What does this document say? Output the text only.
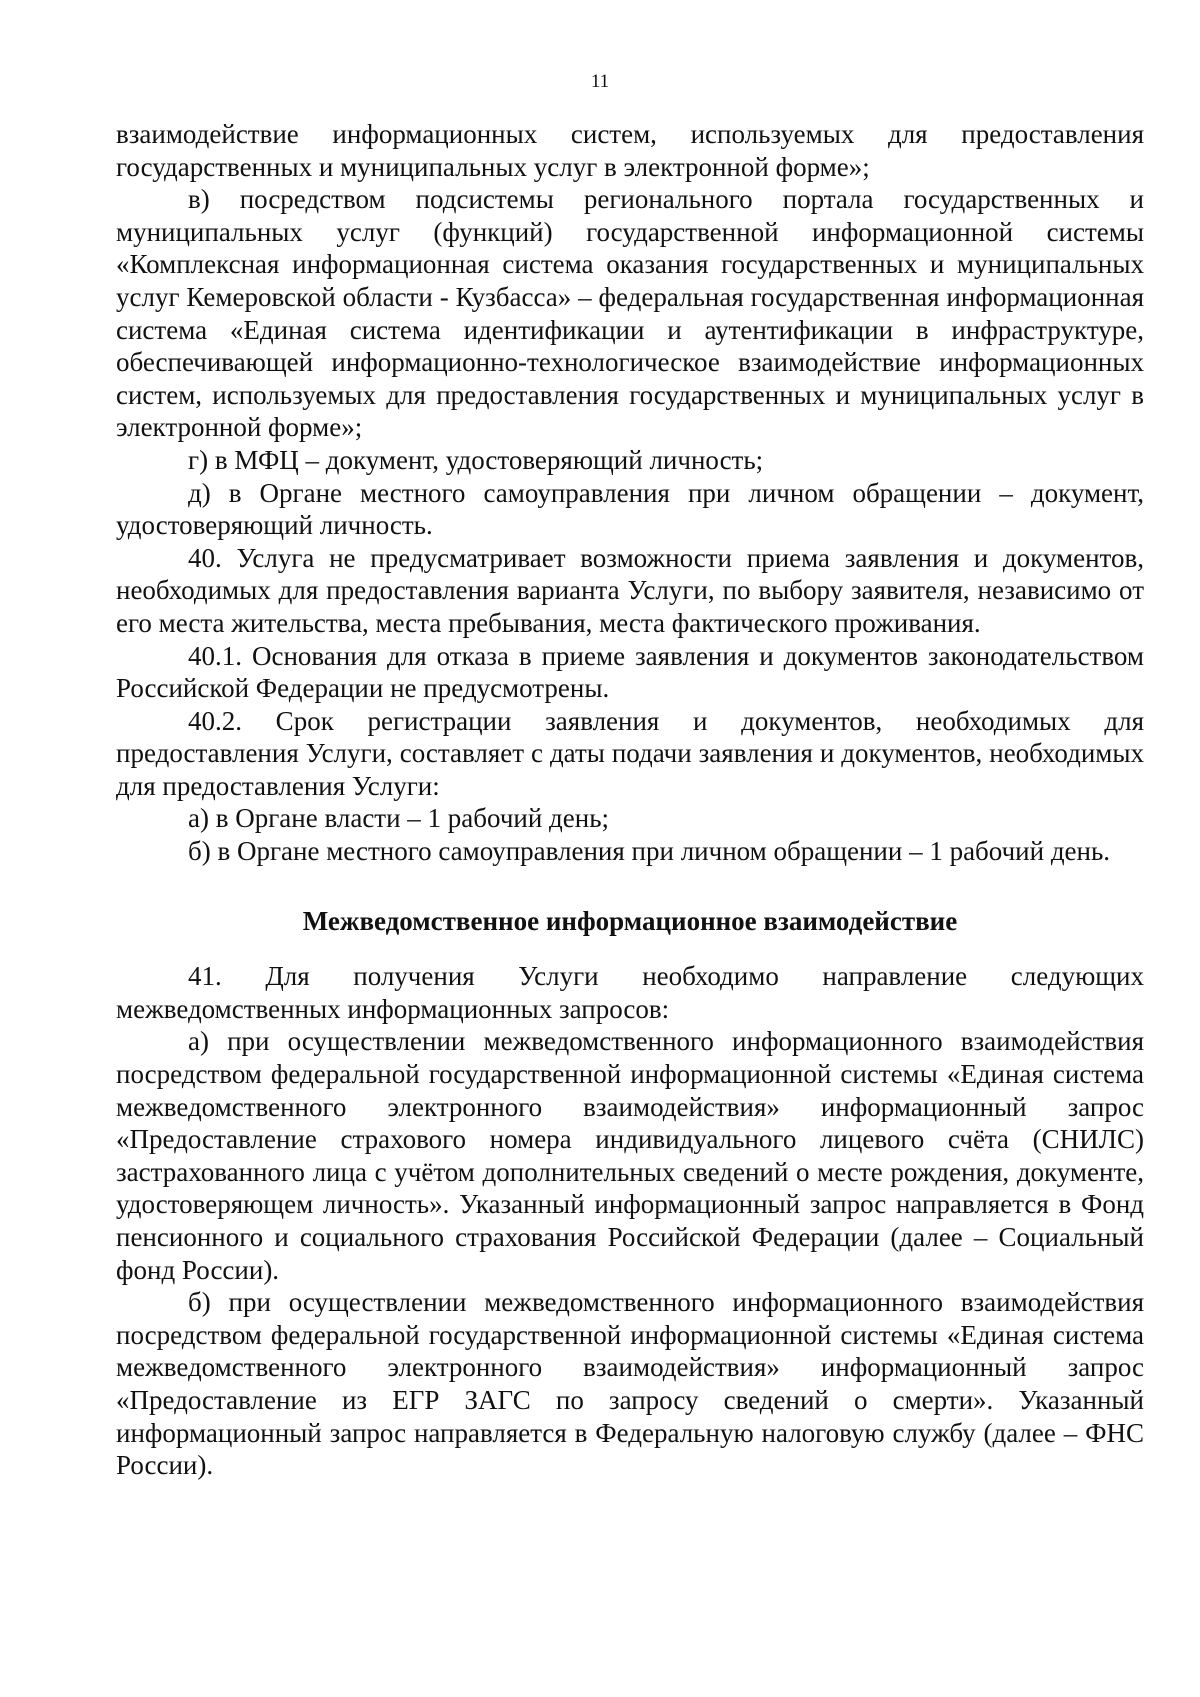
11

взаимодействие информационных систем, используемых для предоставления государственных и муниципальных услуг в электронной форме»;

в) посредством подсистемы регионального портала государственных и муниципальных услуг (функций) государственной информационной системы «Комплексная информационная система оказания государственных и муниципальных услуг Кемеровской области - Кузбасса» – федеральная государственная информационная система «Единая система идентификации и аутентификации в инфраструктуре, обеспечивающей информационно-технологическое взаимодействие информационных систем, используемых для предоставления государственных и муниципальных услуг в электронной форме»;

г) в МФЦ – документ, удостоверяющий личность;

д) в Органе местного самоуправления при личном обращении – документ, удостоверяющий личность.

40. Услуга не предусматривает возможности приема заявления и документов, необходимых для предоставления варианта Услуги, по выбору заявителя, независимо от его места жительства, места пребывания, места фактического проживания.

40.1. Основания для отказа в приеме заявления и документов законодательством Российской Федерации не предусмотрены.

40.2. Срок регистрации заявления и документов, необходимых для предоставления Услуги, составляет с даты подачи заявления и документов, необходимых для предоставления Услуги:

а) в Органе власти – 1 рабочий день;

б) в Органе местного самоуправления при личном обращении – 1 рабочий день.

Межведомственное информационное взаимодействие

41. Для получения Услуги необходимо направление следующих межведомственных информационных запросов:

а) при осуществлении межведомственного информационного взаимодействия посредством федеральной государственной информационной системы «Единая система межведомственного электронного взаимодействия» информационный запрос «Предоставление страхового номера индивидуального лицевого счёта (СНИЛС) застрахованного лица с учётом дополнительных сведений о месте рождения, документе, удостоверяющем личность». Указанный информационный запрос направляется в Фонд пенсионного и социального страхования Российской Федерации (далее – Социальный фонд России).

б) при осуществлении межведомственного информационного взаимодействия посредством федеральной государственной информационной системы «Единая система межведомственного электронного взаимодействия» информационный запрос «Предоставление из ЕГР ЗАГС по запросу сведений о смерти». Указанный информационный запрос направляется в Федеральную налоговую службу (далее – ФНС России).
